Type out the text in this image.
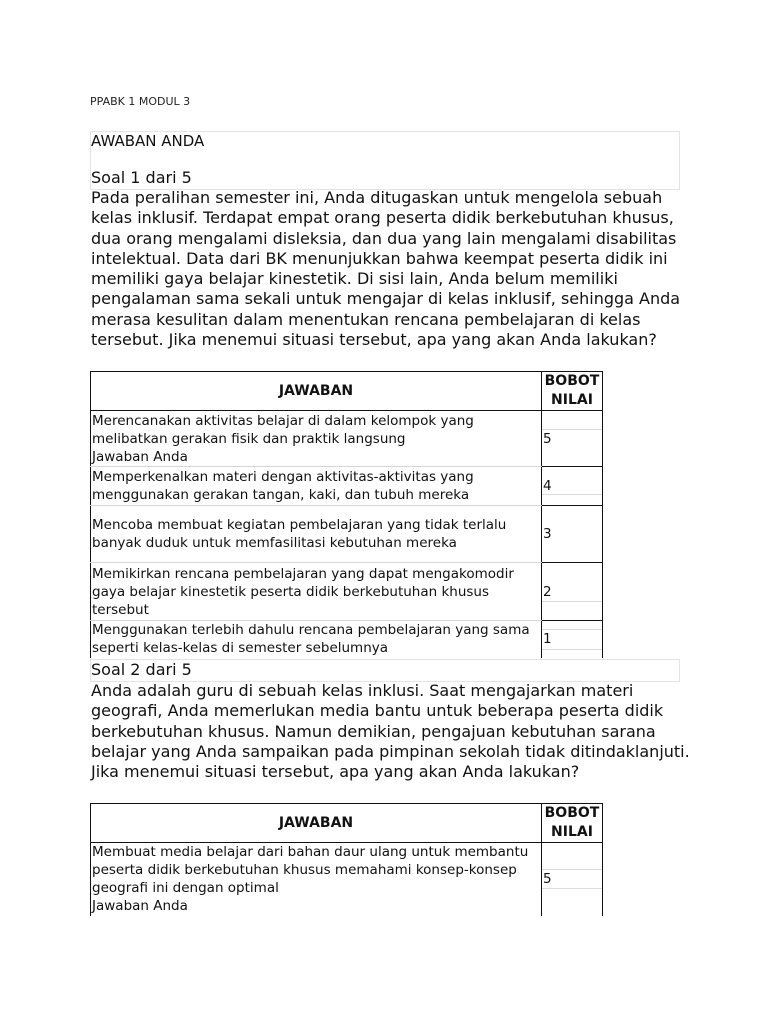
PPABK 1 MODUL 3
AWABAN ANDA
Soal 1 dari 5

Pada peralihan semester ini, Anda ditugaskan untuk mengelola sebuah kelas inklusif. Terdapat empat orang peserta didik berkebutuhan khusus, dua orang mengalami disleksia, dan dua yang lain mengalami disabilitas intelektual. Data dari BK menunjukkan bahwa keempat peserta didik ini memiliki gaya belajar kinestetik. Di sisi lain, Anda belum memiliki pengalaman sama sekali untuk mengajar di kelas inklusif, sehingga Anda merasa kesulitan dalam menentukan rencana pembelajaran di kelas tersebut. Jika menemui situasi tersebut, apa yang akan Anda lakukan?

JAWABAN	BOBOT
NILAI

Merencanakan aktivitas belajar di dalam kelompok yang melibatkan gerakan fisik dan praktik langsung
Jawaban Anda	5

Memperkenalkan materi dengan aktivitas-aktivitas yang menggunakan gerakan tangan, kaki, dan tubuh mereka	4

Mencoba membuat kegiatan pembelajaran yang tidak terlalu banyak duduk untuk memfasilitasi kebutuhan mereka	3

Memikirkan rencana pembelajaran yang dapat mengakomodir gaya belajar kinestetik peserta didik berkebutuhan khusus tersebut	2

Menggunakan terlebih dahulu rencana pembelajaran yang sama seperti kelas-kelas di semester sebelumnya	1
Soal 2 dari 5

Anda adalah guru di sebuah kelas inklusi. Saat mengajarkan materi geografi, Anda memerlukan media bantu untuk beberapa peserta didik berkebutuhan khusus. Namun demikian, pengajuan kebutuhan sarana belajar yang Anda sampaikan pada pimpinan sekolah tidak ditindaklanjuti. Jika menemui situasi tersebut, apa yang akan Anda lakukan?

JAWABAN	BOBOT
NILAI

Membuat media belajar dari bahan daur ulang untuk membantu peserta didik berkebutuhan khusus memahami konsep-konsep geografi ini dengan optimal
Jawaban Anda	5
